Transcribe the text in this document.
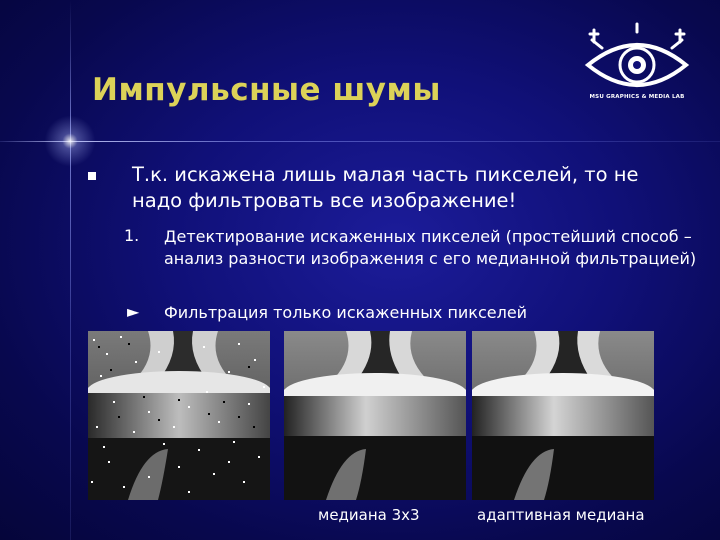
Импульсные шумы	MSU GRAPHICS & MEDIA LAB

Т.к. искажена лишь малая часть пикселей, то не надо фильтровать все изображение!

1. Детектирование искаженных пикселей (простейший способ – анализ разности изображения с его медианной фильтрацией)
► Фильтрация только искаженных пикселей
медиана 3х3	адаптивная медиана
